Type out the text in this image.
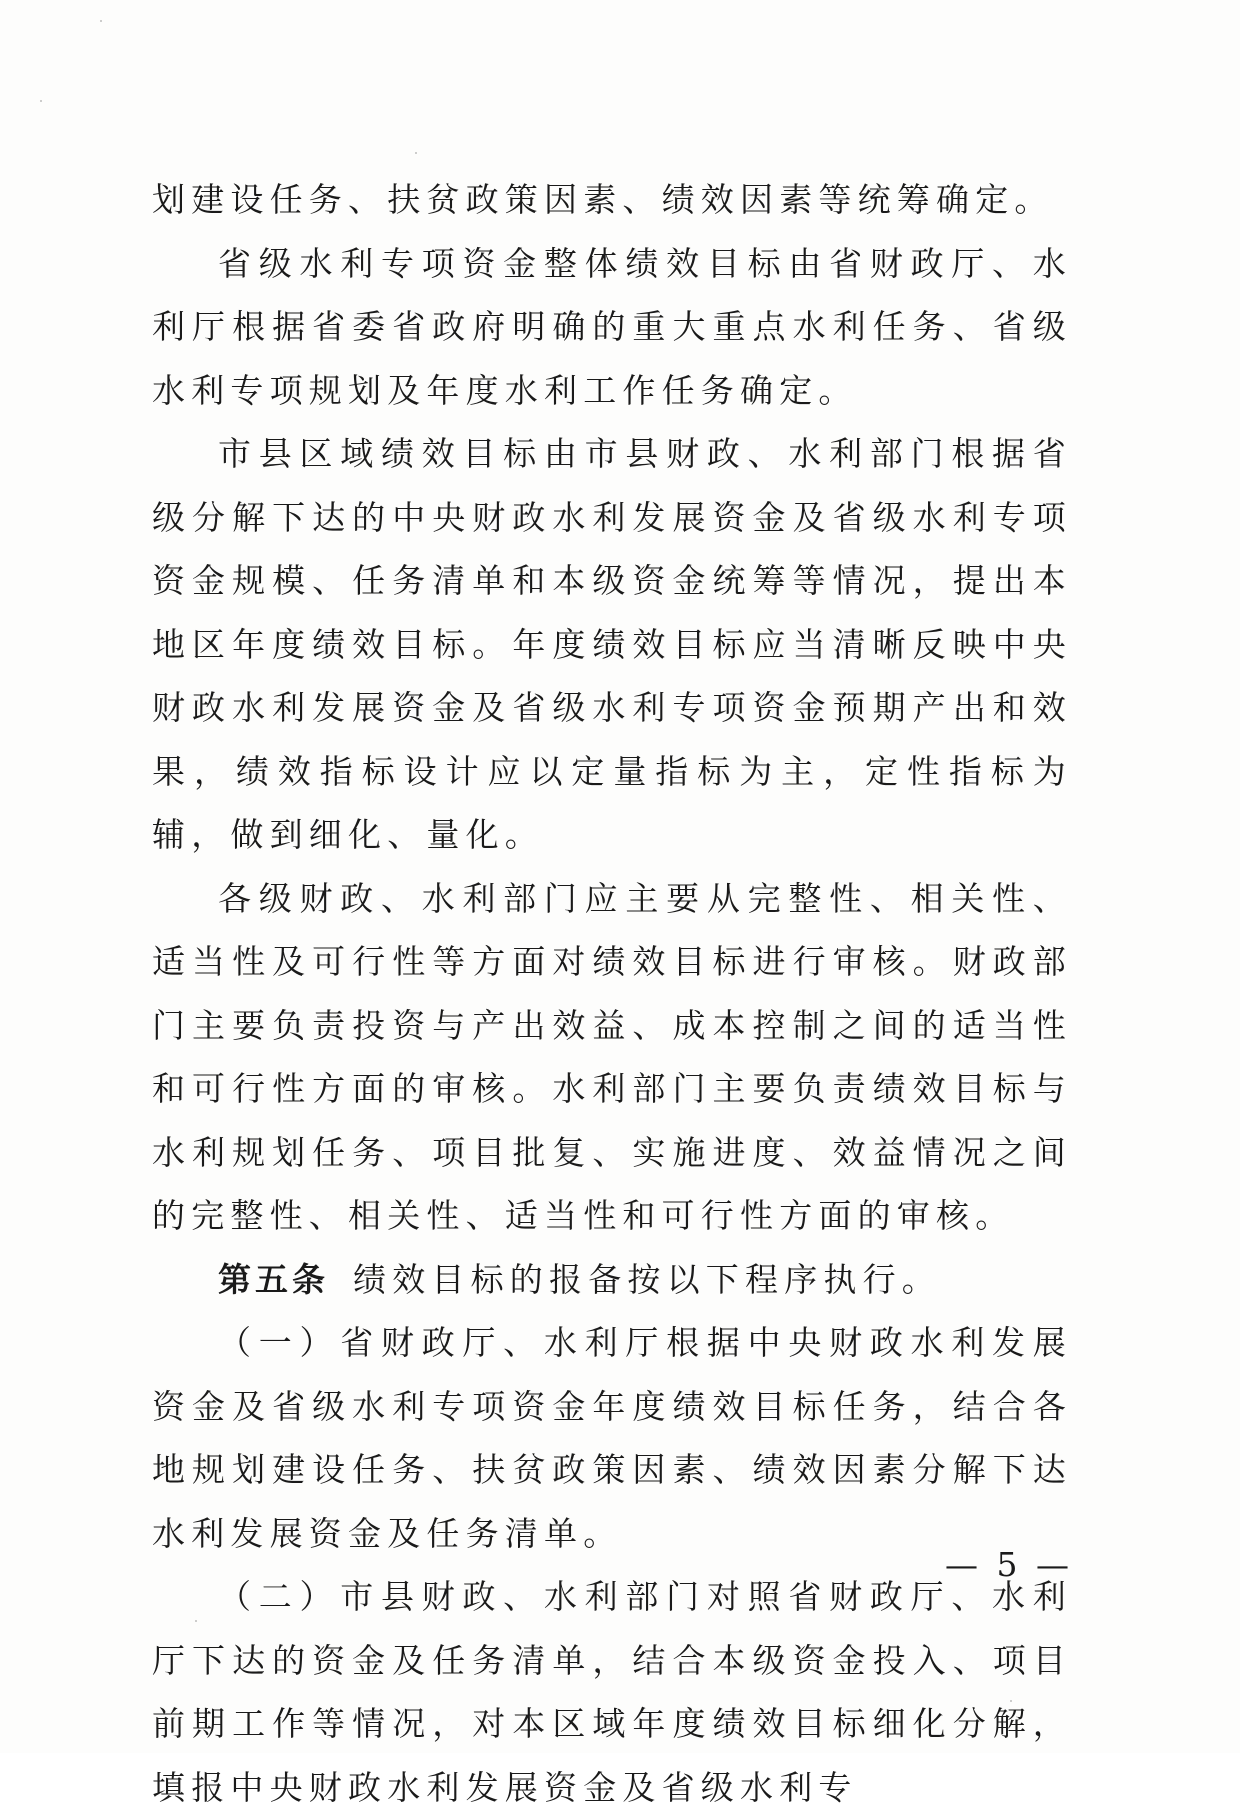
划建设任务、扶贫政策因素、绩效因素等统筹确定。

省级水利专项资金整体绩效目标由省财政厅、水利厅根据省委省政府明确的重大重点水利任务、省级水利专项规划及年度水利工作任务确定。

市县区域绩效目标由市县财政、水利部门根据省级分解下达的中央财政水利发展资金及省级水利专项资金规模、任务清单和本级资金统筹等情况，提出本地区年度绩效目标。年度绩效目标应当清晰反映中央财政水利发展资金及省级水利专项资金预期产出和效果，绩效指标设计应以定量指标为主，定性指标为辅，做到细化、量化。

各级财政、水利部门应主要从完整性、相关性、适当性及可行性等方面对绩效目标进行审核。财政部门主要负责投资与产出效益、成本控制之间的适当性和可行性方面的审核。水利部门主要负责绩效目标与水利规划任务、项目批复、实施进度、效益情况之间的完整性、相关性、适当性和可行性方面的审核。

第五条 绩效目标的报备按以下程序执行。

（一）省财政厅、水利厅根据中央财政水利发展资金及省级水利专项资金年度绩效目标任务，结合各地规划建设任务、扶贫政策因素、绩效因素分解下达水利发展资金及任务清单。

（二）市县财政、水利部门对照省财政厅、水利厅下达的资金及任务清单，结合本级资金投入、项目前期工作等情况，对本区域年度绩效目标细化分解，填报中央财政水利发展资金及省级水利专

— 5 —
